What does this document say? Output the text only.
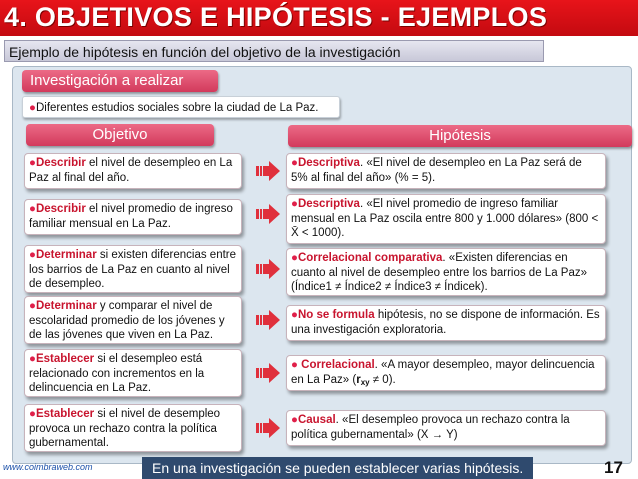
4. OBJETIVOS E HIPÓTESIS - EJEMPLOS
Ejemplo de hipótesis en función del objetivo de la investigación
Investigación a realizar
●Diferentes estudios sociales sobre la ciudad de La Paz.
Objetivo	Hipótesis
●Describir el nivel de desempleo en La Paz al final del año.
●Descriptiva. «El nivel de desempleo en La Paz será de 5% al final del año» (% = 5).
●Describir el nivel promedio de ingreso familiar mensual en La Paz.
●Descriptiva. «El nivel promedio de ingreso familiar mensual en La Paz oscila entre 800 y 1.000 dólares» (800 < X̄ < 1000).
●Determinar si existen diferencias entre los barrios de La Paz en cuanto al nivel de desempleo.
●Correlacional comparativa. «Existen diferencias en cuanto al nivel de desempleo entre los barrios de La Paz» (Índice1 ≠ Índice2 ≠ Índice3 ≠ Índicek).
●Determinar y comparar el nivel de escolaridad promedio de los jóvenes y de las jóvenes que viven en La Paz.
●No se formula hipótesis, no se dispone de información. Es una investigación exploratoria.
●Establecer si el desempleo está relacionado con incrementos en la delincuencia en La Paz.
● Correlacional. «A mayor desempleo, mayor delincuencia en La Paz» $(r_{xy} \ne 0)$.
●Establecer si el nivel de desempleo provoca un rechazo contra la política gubernamental.
●Causal. «El desempleo provoca un rechazo contra la política gubernamental» (X → Y)
www.coimbraweb.com	En una investigación se pueden establecer varias hipótesis.	17
